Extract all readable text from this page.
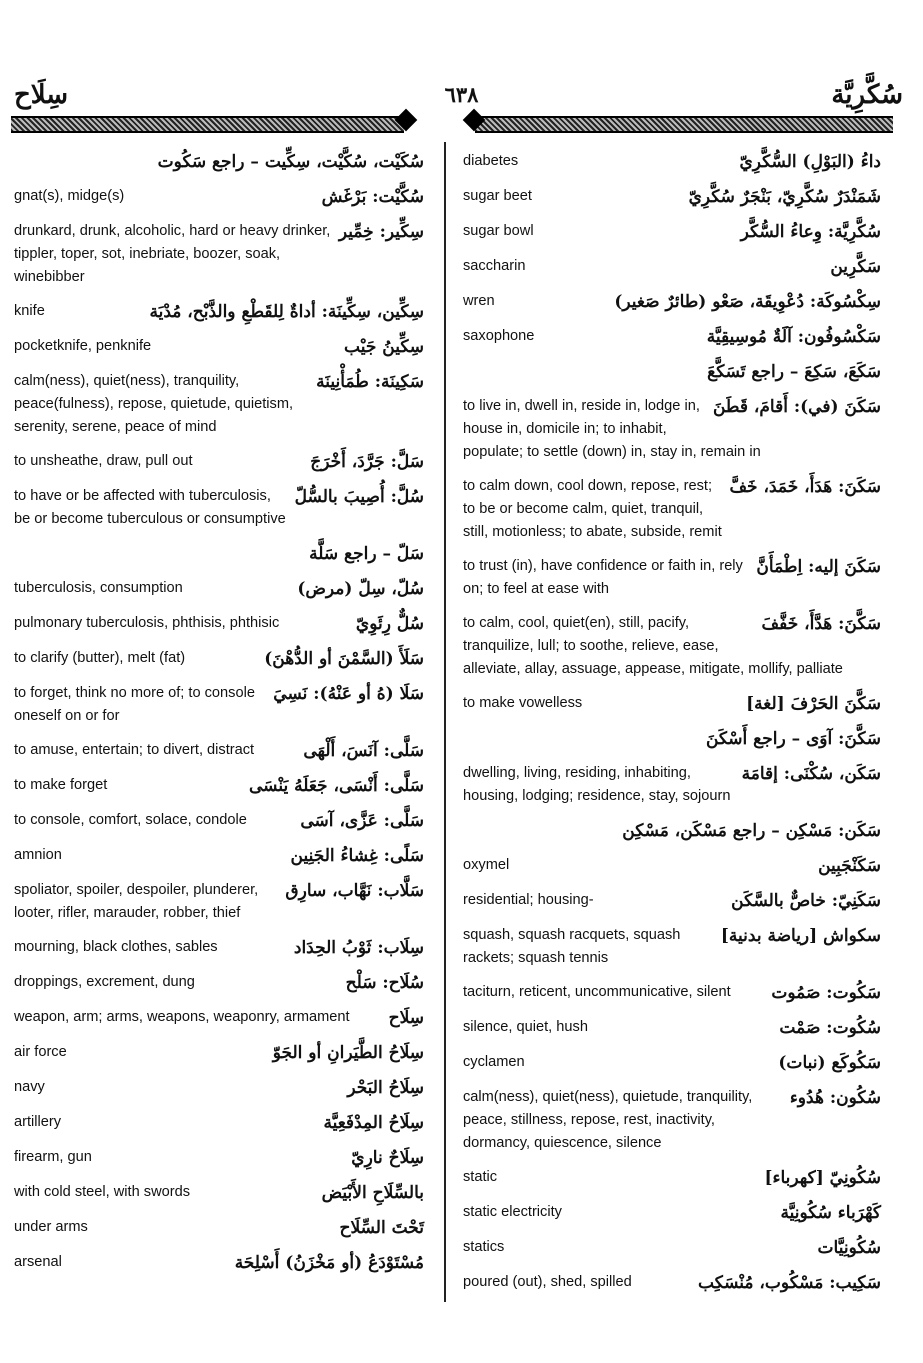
سِلَاح	٦٣٨	سُكَّرِيَّة
سُكَيْت، سُكَّيْت، سِكِّيت – راجع سَكُوت
سُكَّيْت: بَرْغَش
gnat(s), midge(s)
سِكِّير: خِمِّير
drunkard, drunk, alcoholic, hard or heavy drinker, tippler, toper, sot, inebriate, boozer, soak, winebibber
سِكِّين، سِكِّينَة: أداةٌ لِلقَطْعِ والذَّبْح، مُدْيَة
knife
سِكِّينُ جَيْب
pocketknife, penknife
سَكِينَة: طُمَأْنِينَة
calm(ness), quiet(ness), tranquility, peace(fulness), repose, quietude, quietism, serenity, serene, peace of mind
سَلَّ: جَرَّدَ، أَخْرَجَ
to unsheathe, draw, pull out
سُلَّ: أُصِيبَ بالسُّلّ
to have or be affected with tuberculosis, be or become tuberculous or consumptive
سَلّ – راجع سَلَّة
سُلّ، سِلّ (مرض)
tuberculosis, consumption
سُلٌّ رِئَوِيّ
pulmonary tuberculosis, phthisis, phthisic
سَلَأَ (السَّمْنَ أو الدُّهْنَ)
to clarify (butter), melt (fat)
سَلَا (هُ أو عَنْهُ): نَسِيَ
to forget, think no more of; to console oneself on or for
سَلَّى: آنَسَ، أَلْهَى
to amuse, entertain; to divert, distract
سَلَّى: أَنْسَى، جَعَلَهُ يَنْسَى
to make forget
سَلَّى: عَزَّى، آسَى
to console, comfort, solace, condole
سَلًى: غِشاءُ الجَنِين
amnion
سَلَّاب: نَهَّاب، سارِق
spoliator, spoiler, despoiler, plunderer, looter, rifler, marauder, robber, thief
سِلَاب: ثَوْبُ الحِدَاد
mourning, black clothes, sables
سُلَاح: سَلْح
droppings, excrement, dung
سِلَاح
weapon, arm; arms, weapons, weaponry, armament
سِلَاحُ الطَّيَرانِ أو الجَوّ
air force
سِلَاحُ البَحْر
navy
سِلَاحُ المِدْفَعِيَّة
artillery
سِلَاحٌ نارِيّ
firearm, gun
بالسِّلَاحِ الأَبْيَض
with cold steel, with swords
تَحْتَ السِّلَاح
under arms
مُسْتَوْدَعُ (أو مَخْزَنُ) أَسْلِحَة
arsenal
داءُ (البَوْلِ) السُّكَّرِيّ
diabetes
شَمَنْدَرٌ سُكَّرِيّ، بَنْجَرٌ سُكَّرِيّ
sugar beet
سُكَّرِيَّة: وِعاءُ السُّكَّر
sugar bowl
سَكَّرِين
saccharin
سِكْسُوكَة: دُعْوِيقَة، صَعْو (طائرٌ صَغير)
wren
سَكْسُوفُون: آلَةٌ مُوسِيقِيَّة
saxophone
سَكَعَ، سَكِعَ – راجع تَسَكَّعَ
سَكَنَ (في): أَقامَ، قَطَنَ
to live in, dwell in, reside in, lodge in, house in, domicile in; to inhabit, populate; to settle (down) in, stay in, remain in
سَكَنَ: هَدَأَ، خَمَدَ، خَفَّ
to calm down, cool down, repose, rest; to be or become calm, quiet, tranquil, still, motionless; to abate, subside, remit
سَكَنَ إليه: اِطْمَأَنَّ
to trust (in), have confidence or faith in, rely on; to feel at ease with
سَكَّنَ: هَدَّأَ، خَفَّفَ
to calm, cool, quiet(en), still, pacify, tranquilize, lull; to soothe, relieve, ease, alleviate, allay, assuage, appease, mitigate, mollify, palliate
سَكَّنَ الحَرْفَ [لغة]
to make vowelless
سَكَّنَ: آوَى – راجع أَسْكَنَ
سَكَن، سُكْنَى: إقامَة
dwelling, living, residing, inhabiting, housing, lodging; residence, stay, sojourn
سَكَن: مَسْكِن – راجع مَسْكَن، مَسْكِن
سَكَنْجَبِين
oxymel
سَكَنِيّ: خاصٌّ بالسَّكَن
residential; housing-
سكواش [رياضة بدنية]
squash, squash racquets, squash rackets; squash tennis
سَكُوت: صَمُوت
taciturn, reticent, uncommunicative, silent
سُكُوت: صَمْت
silence, quiet, hush
سَكُوكَع (نبات)
cyclamen
سُكُون: هُدُوء
calm(ness), quiet(ness), quietude, tranquility, peace, stillness, repose, rest, inactivity, dormancy, quiescence, silence
سُكُونِيّ [كهرباء]
static
كَهْرَباء سُكُونِيَّة
static electricity
سُكُونِيَّات
statics
سَكِيب: مَسْكُوب، مُنْسَكِب
poured (out), shed, spilled
